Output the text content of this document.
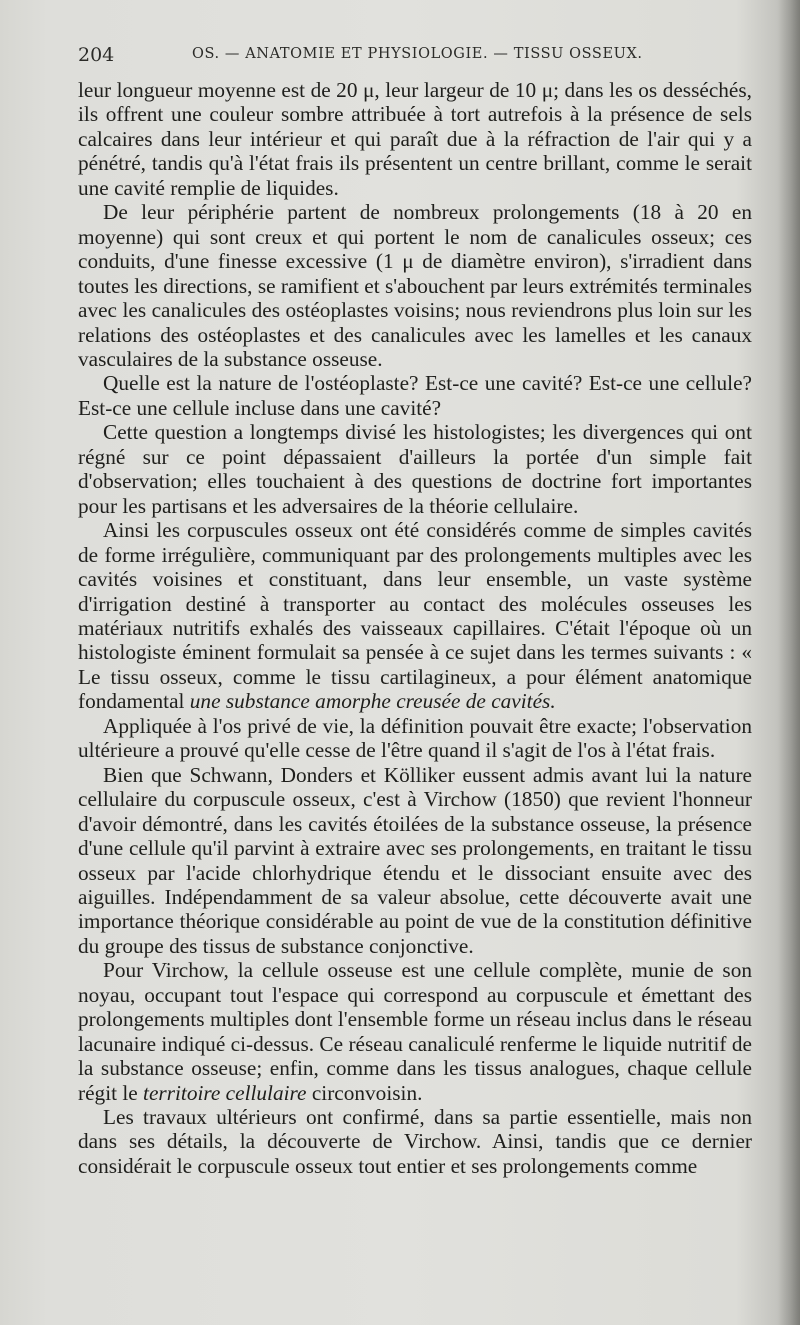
204	OS. — ANATOMIE ET PHYSIOLOGIE. — TISSU OSSEUX.

leur longueur moyenne est de 20 μ, leur largeur de 10 μ; dans les os desséchés, ils offrent une couleur sombre attribuée à tort autrefois à la présence de sels calcaires dans leur intérieur et qui paraît due à la réfraction de l'air qui y a pénétré, tandis qu'à l'état frais ils présentent un centre brillant, comme le serait une cavité remplie de liquides.

De leur périphérie partent de nombreux prolongements (18 à 20 en moyenne) qui sont creux et qui portent le nom de canalicules osseux; ces conduits, d'une finesse excessive (1 μ de diamètre environ), s'irradient dans toutes les directions, se ramifient et s'abouchent par leurs extrémités terminales avec les canalicules des ostéoplastes voisins; nous reviendrons plus loin sur les relations des ostéoplastes et des canalicules avec les lamelles et les canaux vasculaires de la substance osseuse.

Quelle est la nature de l'ostéoplaste? Est-ce une cavité? Est-ce une cellule? Est-ce une cellule incluse dans une cavité?

Cette question a longtemps divisé les histologistes; les divergences qui ont régné sur ce point dépassaient d'ailleurs la portée d'un simple fait d'observation; elles touchaient à des questions de doctrine fort importantes pour les partisans et les adversaires de la théorie cellulaire.

Ainsi les corpuscules osseux ont été considérés comme de simples cavités de forme irrégulière, communiquant par des prolongements multiples avec les cavités voisines et constituant, dans leur ensemble, un vaste système d'irrigation destiné à transporter au contact des molécules osseuses les matériaux nutritifs exhalés des vaisseaux capillaires. C'était l'époque où un histologiste éminent formulait sa pensée à ce sujet dans les termes suivants : « Le tissu osseux, comme le tissu cartilagineux, a pour élément anatomique fondamental une substance amorphe creusée de cavités.

Appliquée à l'os privé de vie, la définition pouvait être exacte; l'observation ultérieure a prouvé qu'elle cesse de l'être quand il s'agit de l'os à l'état frais.

Bien que Schwann, Donders et Kölliker eussent admis avant lui la nature cellulaire du corpuscule osseux, c'est à Virchow (1850) que revient l'honneur d'avoir démontré, dans les cavités étoilées de la substance osseuse, la présence d'une cellule qu'il parvint à extraire avec ses prolongements, en traitant le tissu osseux par l'acide chlorhydrique étendu et le dissociant ensuite avec des aiguilles. Indépendamment de sa valeur absolue, cette découverte avait une importance théorique considérable au point de vue de la constitution définitive du groupe des tissus de substance conjonctive.

Pour Virchow, la cellule osseuse est une cellule complète, munie de son noyau, occupant tout l'espace qui correspond au corpuscule et émettant des prolongements multiples dont l'ensemble forme un réseau inclus dans le réseau lacunaire indiqué ci-dessus. Ce réseau canaliculé renferme le liquide nutritif de la substance osseuse; enfin, comme dans les tissus analogues, chaque cellule régit le territoire cellulaire circonvoisin.

Les travaux ultérieurs ont confirmé, dans sa partie essentielle, mais non dans ses détails, la découverte de Virchow. Ainsi, tandis que ce dernier considérait le corpuscule osseux tout entier et ses prolongements comme
